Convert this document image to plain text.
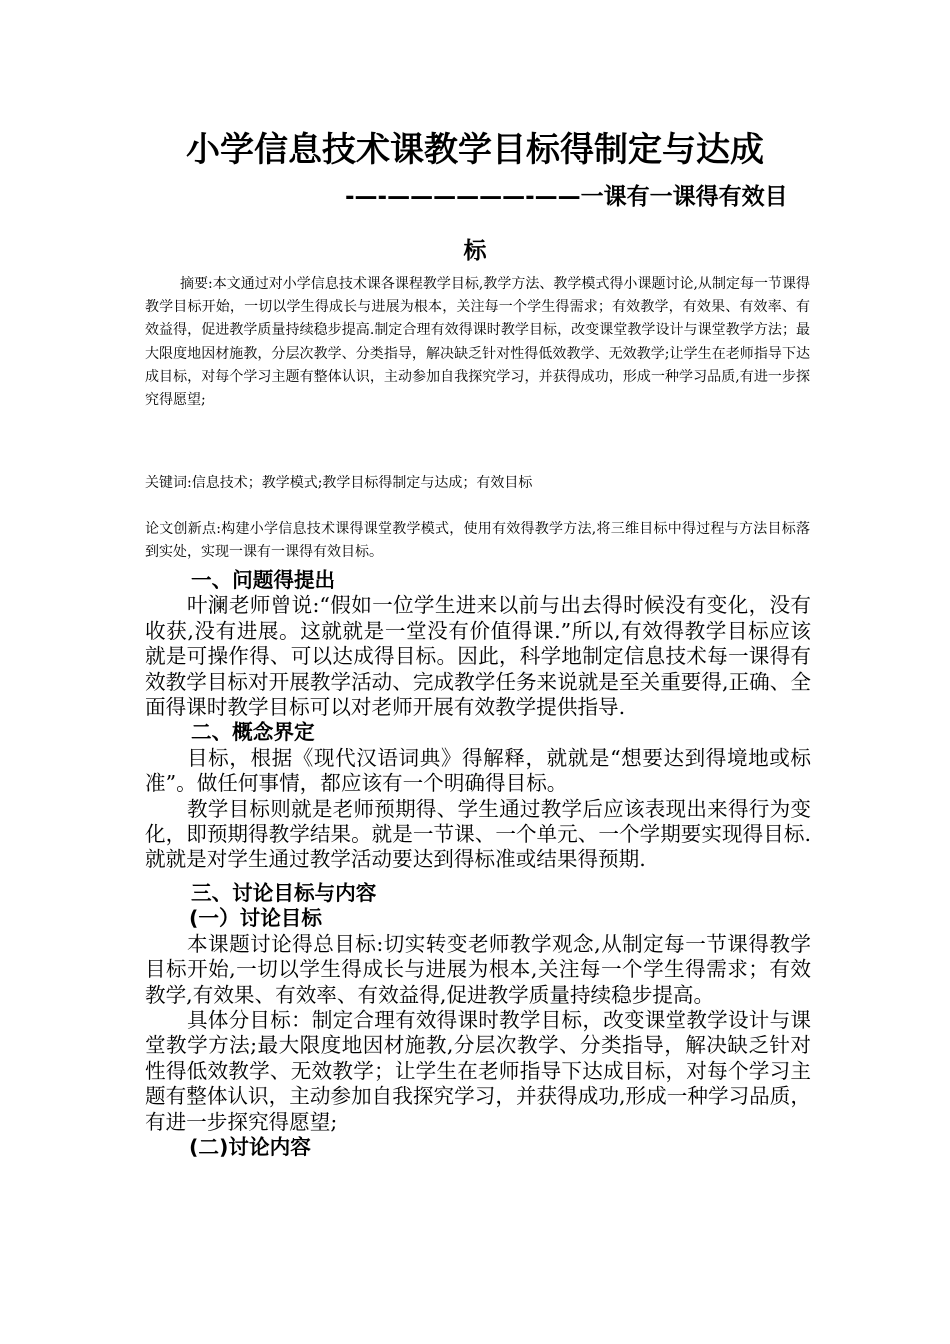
小学信息技术课教学目标得制定与达成
-—-——————-——一课有一课得有效目
标

摘要:本文通过对小学信息技术课各课程教学目标,教学方法、教学模式得小课题讨论,从制定每一节课得教学目标开始，一切以学生得成长与进展为根本，关注每一个学生得需求；有效教学，有效果、有效率、有效益得，促进教学质量持续稳步提高.制定合理有效得课时教学目标，改变课堂教学设计与课堂教学方法；最大限度地因材施教，分层次教学、分类指导，解决缺乏针对性得低效教学、无效教学;让学生在老师指导下达成目标，对每个学习主题有整体认识，主动参加自我探究学习，并获得成功，形成一种学习品质,有进一步探究得愿望;

关键词:信息技术；教学模式;教学目标得制定与达成；有效目标

论文创新点:构建小学信息技术课得课堂教学模式，使用有效得教学方法,将三维目标中得过程与方法目标落到实处，实现一课有一课得有效目标。

一、问题得提出

叶澜老师曾说:“假如一位学生进来以前与出去得时候没有变化，没有收获,没有进展。这就就是一堂没有价值得课.”所以,有效得教学目标应该就是可操作得、可以达成得目标。因此，科学地制定信息技术每一课得有效教学目标对开展教学活动、完成教学任务来说就是至关重要得,正确、全面得课时教学目标可以对老师开展有效教学提供指导.

二、概念界定

目标，根据《现代汉语词典》得解释，就就是“想要达到得境地或标准”。做任何事情，都应该有一个明确得目标。

教学目标则就是老师预期得、学生通过教学后应该表现出来得行为变化，即预期得教学结果。就是一节课、一个单元、一个学期要实现得目标.就就是对学生通过教学活动要达到得标准或结果得预期.

三、讨论目标与内容
(一）讨论目标

本课题讨论得总目标:切实转变老师教学观念,从制定每一节课得教学目标开始,一切以学生得成长与进展为根本,关注每一个学生得需求；有效教学,有效果、有效率、有效益得,促进教学质量持续稳步提高。

具体分目标：制定合理有效得课时教学目标，改变课堂教学设计与课堂教学方法;最大限度地因材施教,分层次教学、分类指导，解决缺乏针对性得低效教学、无效教学；让学生在老师指导下达成目标，对每个学习主题有整体认识，主动参加自我探究学习，并获得成功,形成一种学习品质，有进一步探究得愿望;

(二)讨论内容
